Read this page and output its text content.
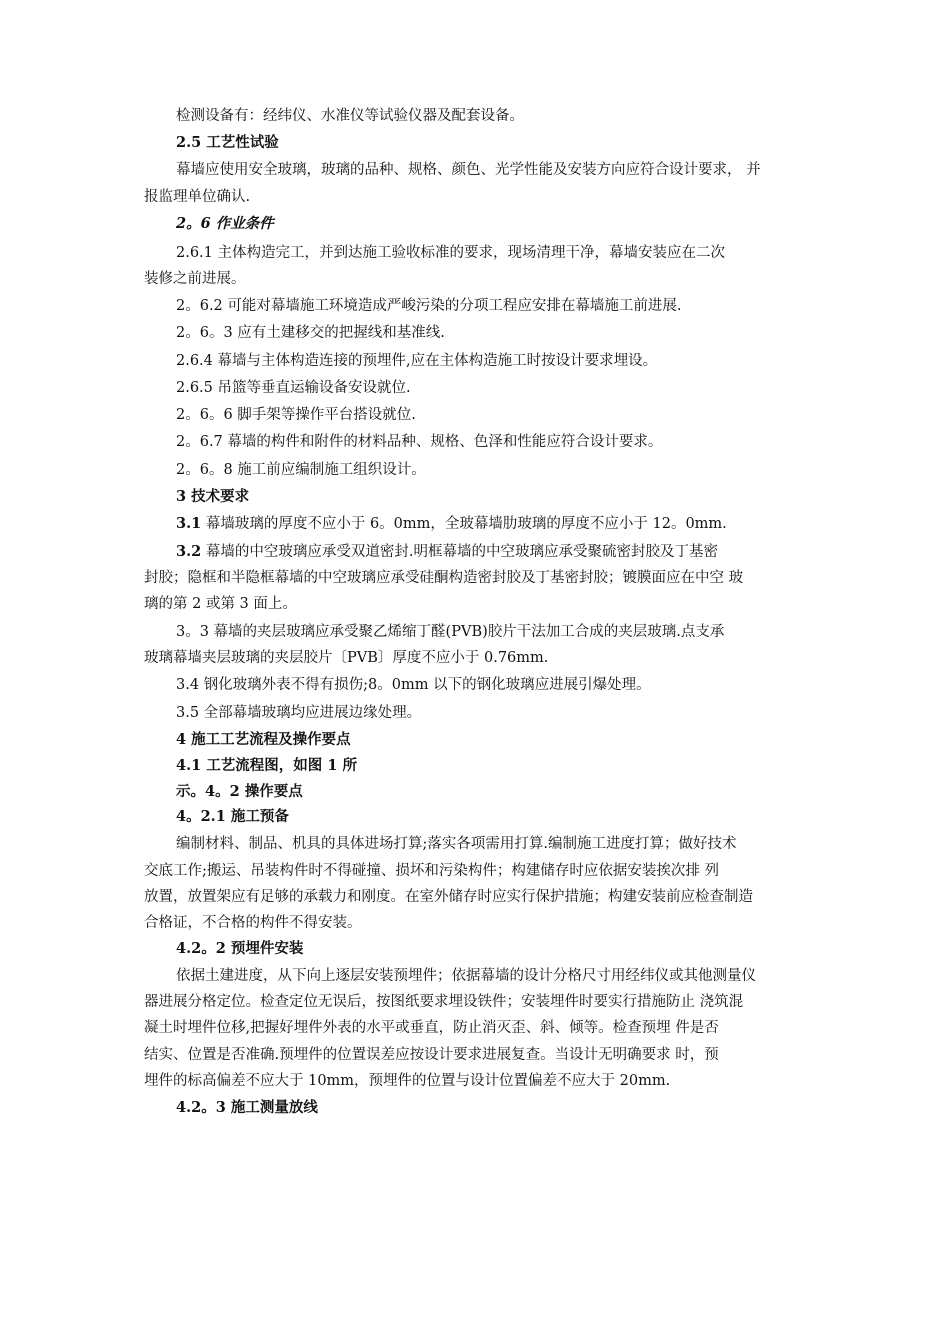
检测设备有：经纬仪、水准仪等试验仪器及配套设备。
2.5 工艺性试验
幕墙应使用安全玻璃，玻璃的品种、规格、颜色、光学性能及安装方向应符合设计要求， 并
报监理单位确认.
2。6 作业条件
2.6.1 主体构造完工，并到达施工验收标准的要求，现场清理干净，幕墙安装应在二次
装修之前进展。
2。6.2 可能对幕墙施工环境造成严峻污染的分项工程应安排在幕墙施工前进展.
2。6。3 应有土建移交的把握线和基准线.
2.6.4 幕墙与主体构造连接的预埋件,应在主体构造施工时按设计要求埋设。
2.6.5 吊篮等垂直运输设备安设就位.
2。6。6 脚手架等操作平台搭设就位.
2。6.7 幕墙的构件和附件的材料品种、规格、色泽和性能应符合设计要求。
2。6。8 施工前应编制施工组织设计。
3 技术要求
3.1 幕墙玻璃的厚度不应小于 6。0mm，全玻幕墙肋玻璃的厚度不应小于 12。0mm.
3.2 幕墙的中空玻璃应承受双道密封.明框幕墙的中空玻璃应承受聚硫密封胶及丁基密
封胶；隐框和半隐框幕墙的中空玻璃应承受硅酮构造密封胶及丁基密封胶；镀膜面应在中空 玻
璃的第 2 或第 3 面上。
3。3 幕墙的夹层玻璃应承受聚乙烯缩丁醛(PVB)胶片干法加工合成的夹层玻璃.点支承
玻璃幕墙夹层玻璃的夹层胶片〔PVB〕厚度不应小于 0.76mm.
3.4 钢化玻璃外表不得有损伤;8。0mm 以下的钢化玻璃应进展引爆处理。
3.5 全部幕墙玻璃均应进展边缘处理。
4 施工工艺流程及操作要点
4.1 工艺流程图，如图 1 所
示。4。2 操作要点
4。2.1 施工预备
编制材料、制品、机具的具体进场打算;落实各项需用打算.编制施工进度打算；做好技术
交底工作;搬运、吊装构件时不得碰撞、损坏和污染构件；构建储存时应依据安装挨次排 列
放置，放置架应有足够的承载力和刚度。在室外储存时应实行保护措施；构建安装前应检查制造
合格证，不合格的构件不得安装。
4.2。2 预埋件安装
依据土建进度，从下向上逐层安装预埋件；依据幕墙的设计分格尺寸用经纬仪或其他测量仪
器进展分格定位。检查定位无误后，按图纸要求埋设铁件；安装埋件时要实行措施防止 浇筑混
凝土时埋件位移,把握好埋件外表的水平或垂直，防止消灭歪、斜、倾等。检查预埋 件是否
结实、位置是否准确.预埋件的位置误差应按设计要求进展复查。当设计无明确要求 时，预
埋件的标高偏差不应大于 10mm，预埋件的位置与设计位置偏差不应大于 20mm.
4.2。3 施工测量放线
